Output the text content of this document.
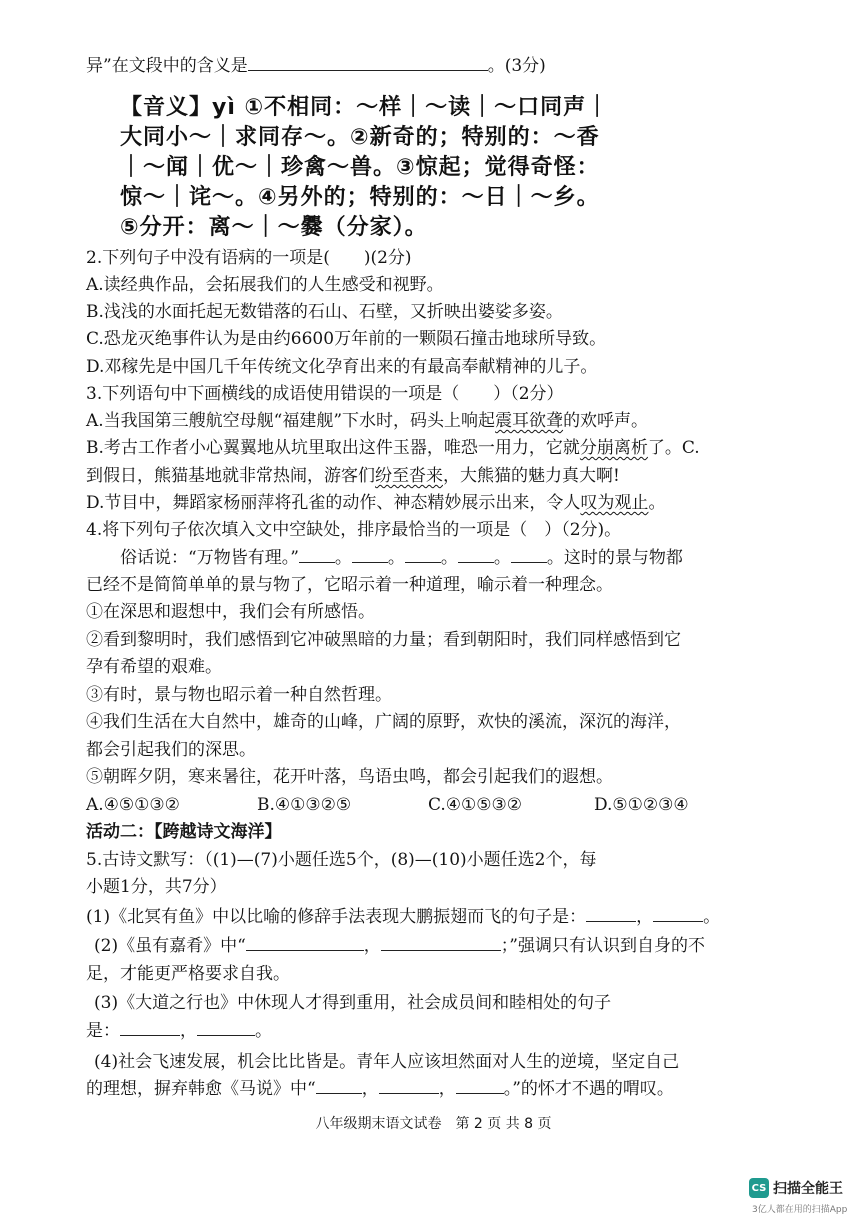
异”在文段中的含义是	。(3分)
【音义】yì ①不相同：～样｜～读｜～口同声｜
大同小～｜求同存～。②新奇的；特别的：～香
｜～闻｜优～｜珍禽～兽。③惊起；觉得奇怪：
惊～｜诧～。④另外的；特别的：～日｜～乡。
⑤分开：离～｜～爨（分家）。
2.下列句子中没有语病的一项是(　　)(2分)
A.读经典作品，会拓展我们的人生感受和视野。
B.浅浅的水面托起无数错落的石山、石壁，又折映出婆娑多姿。
C.恐龙灭绝事件认为是由约6600万年前的一颗陨石撞击地球所导致。
D.邓稼先是中国几千年传统文化孕育出来的有最高奉献精神的儿子。
3.下列语句中下画横线的成语使用错误的一项是（　　）（2分）
A.当我国第三艘航空母舰“福建舰”下水时，码头上响起震耳欲聋的欢呼声。
B.考古工作者小心翼翼地从坑里取出这件玉器，唯恐一用力，它就分崩离析了。C.
到假日，熊猫基地就非常热闹，游客们纷至沓来，大熊猫的魅力真大啊!
D.节目中，舞蹈家杨丽萍将孔雀的动作、神态精妙展示出来，令人叹为观止。
4.将下列句子依次填入文中空缺处，排序最恰当的一项是（　）（2分)。
俗话说：“万物皆有理。” 。 。 。 。 。这时的景与物都
已经不是简简单单的景与物了，它昭示着一种道理，喻示着一种理念。
①在深思和遐想中，我们会有所感悟。
②看到黎明时，我们感悟到它冲破黑暗的力量；看到朝阳时，我们同样感悟到它
孕有希望的艰难。
③有时，景与物也昭示着一种自然哲理。
④我们生活在大自然中，雄奇的山峰，广阔的原野，欢快的溪流，深沉的海洋，
都会引起我们的深思。
⑤朝晖夕阴，寒来暑往，花开叶落，鸟语虫鸣，都会引起我们的遐想。
A.④⑤①③②	B.④①③②⑤	C.④①⑤③②	D.⑤①②③④
活动二：【跨越诗文海洋】
5.古诗文默写：（(1)—(7)小题任选5个，(8)—(10)小题任选2个，每
小题1分，共7分）
(1)《北冥有鱼》中以比喻的修辞手法表现大鹏振翅而飞的句子是：	，	。
(2)《虽有嘉肴》中“	，	；”强调只有认识到自身的不
足，才能更严格要求自我。
(3)《大道之行也》中休现人才得到重用，社会成员间和睦相处的句子
是：	，	。
(4)社会飞速发展，机会比比皆是。青年人应该坦然面对人生的逆境，坚定自己
的理想，摒弃韩愈《马说》中“	，	，	。”的怀才不遇的喟叹。
八年级期末语文试卷　第 2 页 共 8 页
CS 扫描全能王
3亿人都在用的扫描App
